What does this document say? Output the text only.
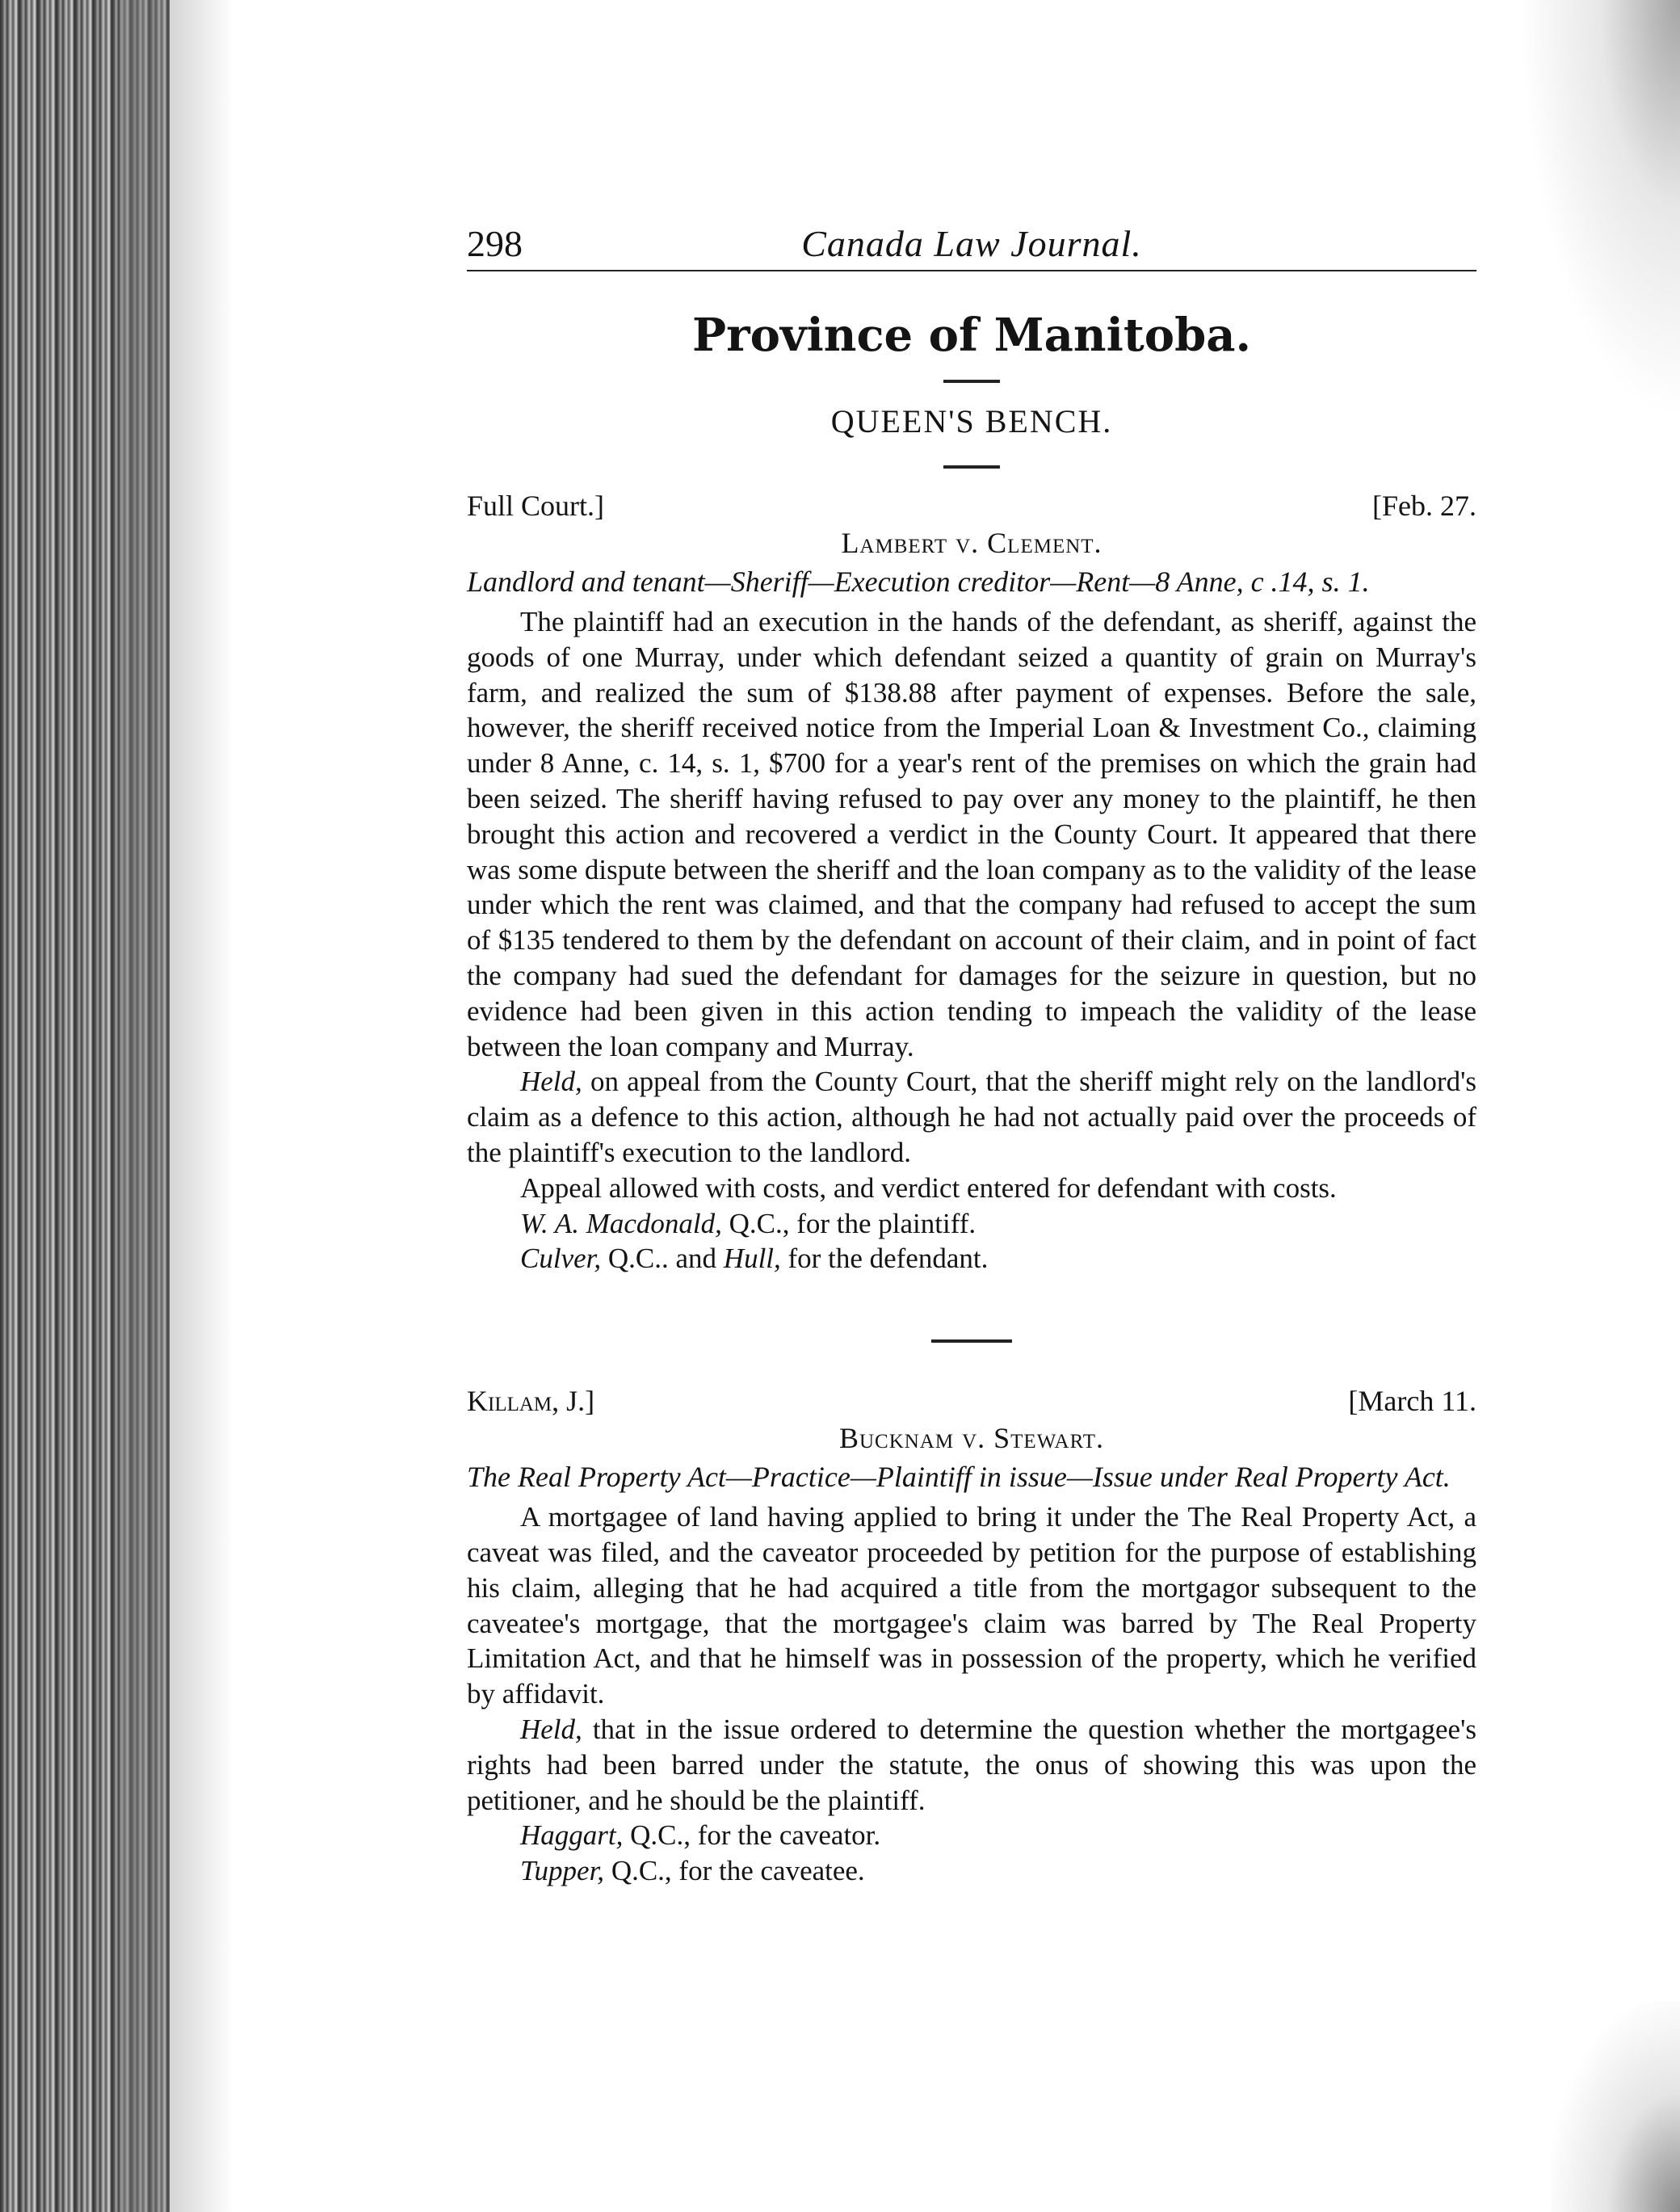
298	Canada Law Journal.
Province of Manitoba.
QUEEN'S BENCH.
Full Court.]	[Feb. 27.
Lambert v. Clement.
Landlord and tenant—Sheriff—Execution creditor—Rent—8 Anne, c .14, s. 1.

The plaintiff had an execution in the hands of the defendant, as sheriff, against the goods of one Murray, under which defendant seized a quantity of grain on Murray's farm, and realized the sum of $138.88 after payment of expenses. Before the sale, however, the sheriff received notice from the Imperial Loan & Investment Co., claiming under 8 Anne, c. 14, s. 1, $700 for a year's rent of the premises on which the grain had been seized. The sheriff having refused to pay over any money to the plaintiff, he then brought this action and recovered a verdict in the County Court. It appeared that there was some dispute between the sheriff and the loan company as to the validity of the lease under which the rent was claimed, and that the company had refused to accept the sum of $135 tendered to them by the defendant on account of their claim, and in point of fact the company had sued the defendant for damages for the seizure in question, but no evidence had been given in this action tending to impeach the validity of the lease between the loan company and Murray.

Held, on appeal from the County Court, that the sheriff might rely on the landlord's claim as a defence to this action, although he had not actually paid over the proceeds of the plaintiff's execution to the landlord.

Appeal allowed with costs, and verdict entered for defendant with costs.

W. A. Macdonald, Q.C., for the plaintiff.
Culver, Q.C.. and Hull, for the defendant.
Killam, J.]	[March 11.
Bucknam v. Stewart.
The Real Property Act—Practice—Plaintiff in issue—Issue under Real Property Act.

A mortgagee of land having applied to bring it under the The Real Property Act, a caveat was filed, and the caveator proceeded by petition for the purpose of establishing his claim, alleging that he had acquired a title from the mortgagor subsequent to the caveatee's mortgage, that the mortgagee's claim was barred by The Real Property Limitation Act, and that he himself was in possession of the property, which he verified by affidavit.

Held, that in the issue ordered to determine the question whether the mortgagee's rights had been barred under the statute, the onus of showing this was upon the petitioner, and he should be the plaintiff.

Haggart, Q.C., for the caveator.
Tupper, Q.C., for the caveatee.
